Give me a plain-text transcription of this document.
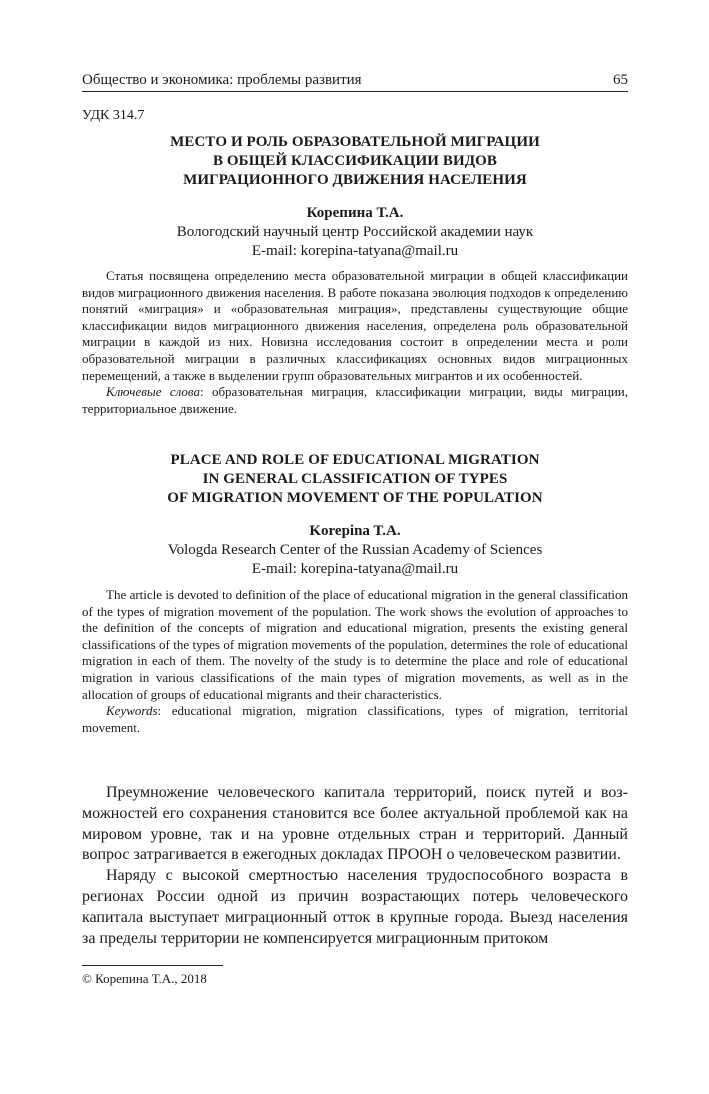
Общество и экономика: проблемы развития	65
УДК 314.7
МЕСТО И РОЛЬ ОБРАЗОВАТЕЛЬНОЙ МИГРАЦИИ
В ОБЩЕЙ КЛАССИФИКАЦИИ ВИДОВ
МИГРАЦИОННОГО ДВИЖЕНИЯ НАСЕЛЕНИЯ
Корепина Т.А.
Вологодский научный центр Российской академии наук
E-mail: korepina-tatyana@mail.ru

Статья посвящена определению места образовательной миграции в общей классификации видов миграционного движения населения. В работе показана эволюция подходов к определению понятий «миграция» и «образовательная миграция», представлены существующие общие классификации видов миграционного движения населения, определена роль образовательной миграции в каждой из них. Новизна исследования состоит в определении места и роли образовательной миграции в различных классификациях основных видов миграционных перемещений, а также в выделении групп образовательных мигрантов и их особенностей.

Ключевые слова: образовательная миграция, классификации миграции, виды миграции, территориальное движение.

PLACE AND ROLE OF EDUCATIONAL MIGRATION
IN GENERAL CLASSIFICATION OF TYPES
OF MIGRATION MOVEMENT OF THE POPULATION
Korepina T.A.
Vologda Research Center of the Russian Academy of Sciences
E-mail: korepina-tatyana@mail.ru

The article is devoted to definition of the place of educational migration in the general classification of the types of migration movement of the population. The work shows the evolution of approaches to the definition of the concepts of migration and educational migration, presents the existing general classifications of the types of migration movements of the population, determines the role of educational migration in each of them. The novelty of the study is to determine the place and role of educational migration in various classifications of the main types of migration movements, as well as in the allocation of groups of educational migrants and their characteristics.

Keywords: educational migration, migration classifications, types of migration, territorial movement.

Преумножение человеческого капитала территорий, поиск путей и возможностей его сохранения становится все более актуальной проблемой как на мировом уровне, так и на уровне отдельных стран и территорий. Данный вопрос затрагивается в ежегодных докладах ПРООН о человеческом развитии.

Наряду с высокой смертностью населения трудоспособного возраста в регионах России одной из причин возрастающих потерь человеческого капитала выступает миграционный отток в крупные города. Выезд населения за пределы территории не компенсируется миграционным притоком

© Корепина Т.А., 2018
